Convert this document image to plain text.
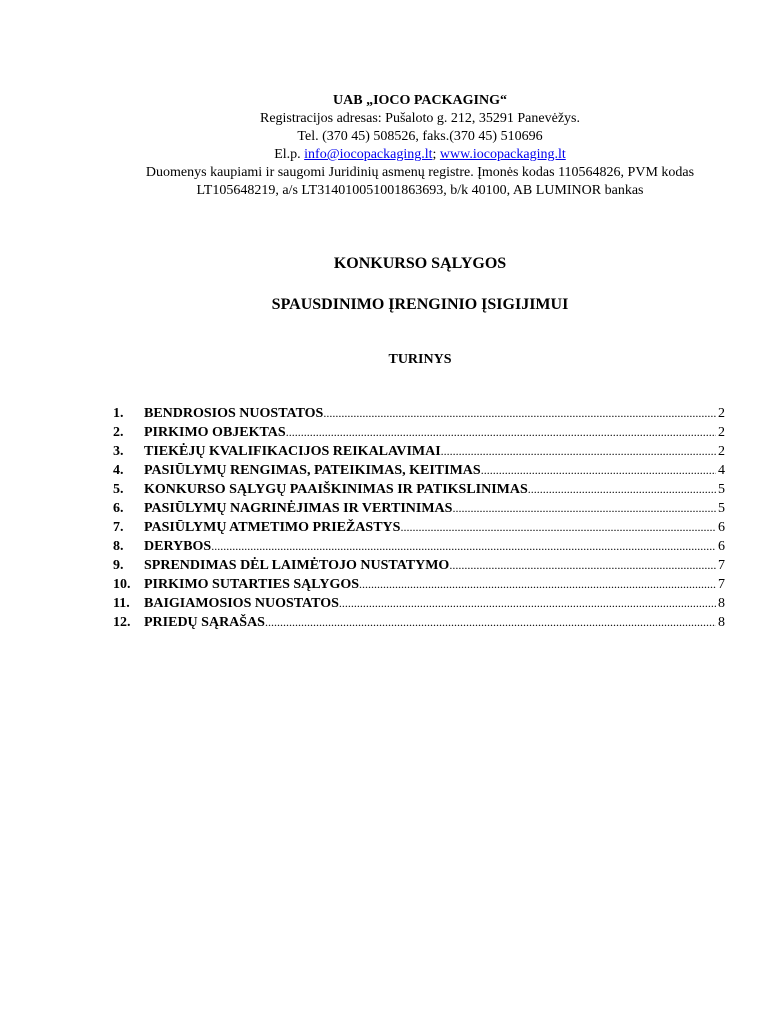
UAB „IOCO PACKAGING“
Registracijos adresas: Pušaloto g. 212, 35291 Panevėžys.
Tel. (370 45) 508526, faks.(370 45) 510696
El.p. info@iocopackaging.lt; www.iocopackaging.lt
Duomenys kaupiami ir saugomi Juridinių asmenų registre. Įmonės kodas 110564826, PVM kodas
LT105648219, a/s LT314010051001863693, b/k 40100, AB LUMINOR bankas
KONKURSO SĄLYGOS
SPAUSDINIMO ĮRENGINIO ĮSIGIJIMUI
TURINYS
1.	BENDROSIOS NUOSTATOS .....	2
2.	PIRKIMO OBJEKTAS .....	2
3.	TIEKĖJŲ KVALIFIKACIJOS REIKALAVIMAI .....	2
4.	PASIŪLYMŲ RENGIMAS, PATEIKIMAS, KEITIMAS .....	4
5.	KONKURSO SĄLYGŲ PAAIŠKINIMAS IR PATIKSLINIMAS .....	5
6.	PASIŪLYMŲ NAGRINĖJIMAS IR VERTINIMAS .....	5
7.	PASIŪLYMŲ ATMETIMO PRIEŽASTYS .....	6
8.	DERYBOS .....	6
9.	SPRENDIMAS DĖL LAIMĖTOJO NUSTATYMO .....	7
10. PIRKIMO SUTARTIES SĄLYGOS .....	7
11.	BAIGIAMOSIOS NUOSTATOS .....	8
12. PRIEDŲ SĄRAŠAS .....	8
